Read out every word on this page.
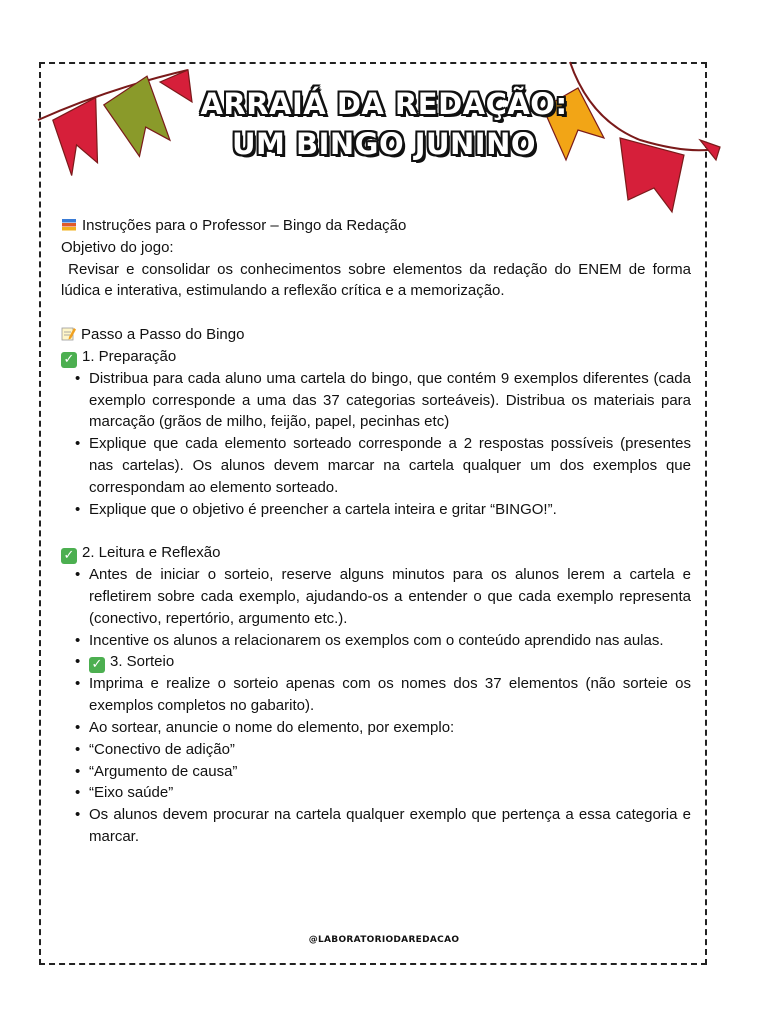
ARRAIÁ DA REDAÇÃO:
UM BINGO JUNINO

Instruções para o Professor – Bingo da Redação

Objetivo do jogo:

Revisar e consolidar os conhecimentos sobre elementos da redação do ENEM de forma lúdica e interativa, estimulando a reflexão crítica e a memorização.

Passo a Passo do Bingo

✓ 1. Preparação

• Distribua para cada aluno uma cartela do bingo, que contém 9 exemplos diferentes (cada exemplo corresponde a uma das 37 categorias sorteáveis). Distribua os materiais para marcação (grãos de milho, feijão, papel, pecinhas etc)
• Explique que cada elemento sorteado corresponde a 2 respostas possíveis (presentes nas cartelas). Os alunos devem marcar na cartela qualquer um dos exemplos que correspondam ao elemento sorteado.
• Explique que o objetivo é preencher a cartela inteira e gritar “BINGO!”.

✓ 2. Leitura e Reflexão

• Antes de iniciar o sorteio, reserve alguns minutos para os alunos lerem a cartela e refletirem sobre cada exemplo, ajudando-os a entender o que cada exemplo representa (conectivo, repertório, argumento etc.).
• Incentive os alunos a relacionarem os exemplos com o conteúdo aprendido nas aulas.
• ✓ 3. Sorteio
• Imprima e realize o sorteio apenas com os nomes dos 37 elementos (não sorteie os exemplos completos no gabarito).
• Ao sortear, anuncie o nome do elemento, por exemplo:
• “Conectivo de adição”
• “Argumento de causa”
• “Eixo saúde”
• Os alunos devem procurar na cartela qualquer exemplo que pertença a essa categoria e marcar.
@LABORATORIODAREDACAO
